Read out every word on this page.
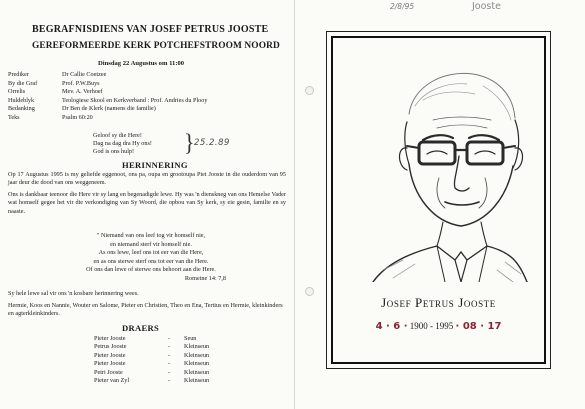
BEGRAFNISDIENS VAN JOSEF PETRUS JOOSTE
GEREFORMEERDE KERK POTCHEFSTROOM NOORD
Dinsdag 22 Augustus om 11:00
Prediker	Dr Callie Coetzee
By die Graf	Prof. P.W.Buys
Orrelis	Mev. A. Verhoef
Huldeblyk	Teologiese Skool en Kerkverband : Prof. Andries du Plooy
Bedanking	Dr Ben de Klerk (namens die familie)
Teks	Psalm 60:20
Geloof sy die Here!
Dag na dag dra Hy ons!
God is ons hulp!	} 25.2.89
HERINNERING
Op 17 Augustus 1995 is my geliefde eggenoot, ons pa, oupa en grootoupa Piet Jooste in die ouderdom van 95 jaar deur die dood van ons weggeneem.
Ons is dankbaar teenoor die Here vir sy lang en begenadigde lewe. Hy was 'n dienskneg van ons Hemelse Vader wat homself gegee het vir die verkondiging van Sy Woord, die opbou van Sy kerk, sy eie gesin, familie en sy naaste.
" Niemand van ons leef tog vir homself nie,
en niemand sterf vir homself nie.
As ons lewe, leef ons tot eer van die Here,
en as ons sterwe sterf ons tot eer van die Here.
Of ons dan lewe of sterwe ons behoort aan die Here.
Romeine 14: 7,8
Sy hele lewe sal vir ons 'n kosbare herinnering wees.
Hermie, Koos en Nannie, Wouter en Salome, Pieter en Christien, Theo en Ena, Tertius en Hermie, kleinkinders en agterkleinkinders.
DRAERS
Pieter Jooste	-	Seun
Petrus Jooste	-	Kleinseun
Pieter Jooste	-	Kleinseun
Pieter Jooste	-	Kleinseun
Petri Jooste	-	Kleinseun
Pieter van Zyl	-	Kleinseun
2/8/95	Jooste
Josef Petrus Jooste
4 · 6 · 1900 - 1995 · 08 · 17
